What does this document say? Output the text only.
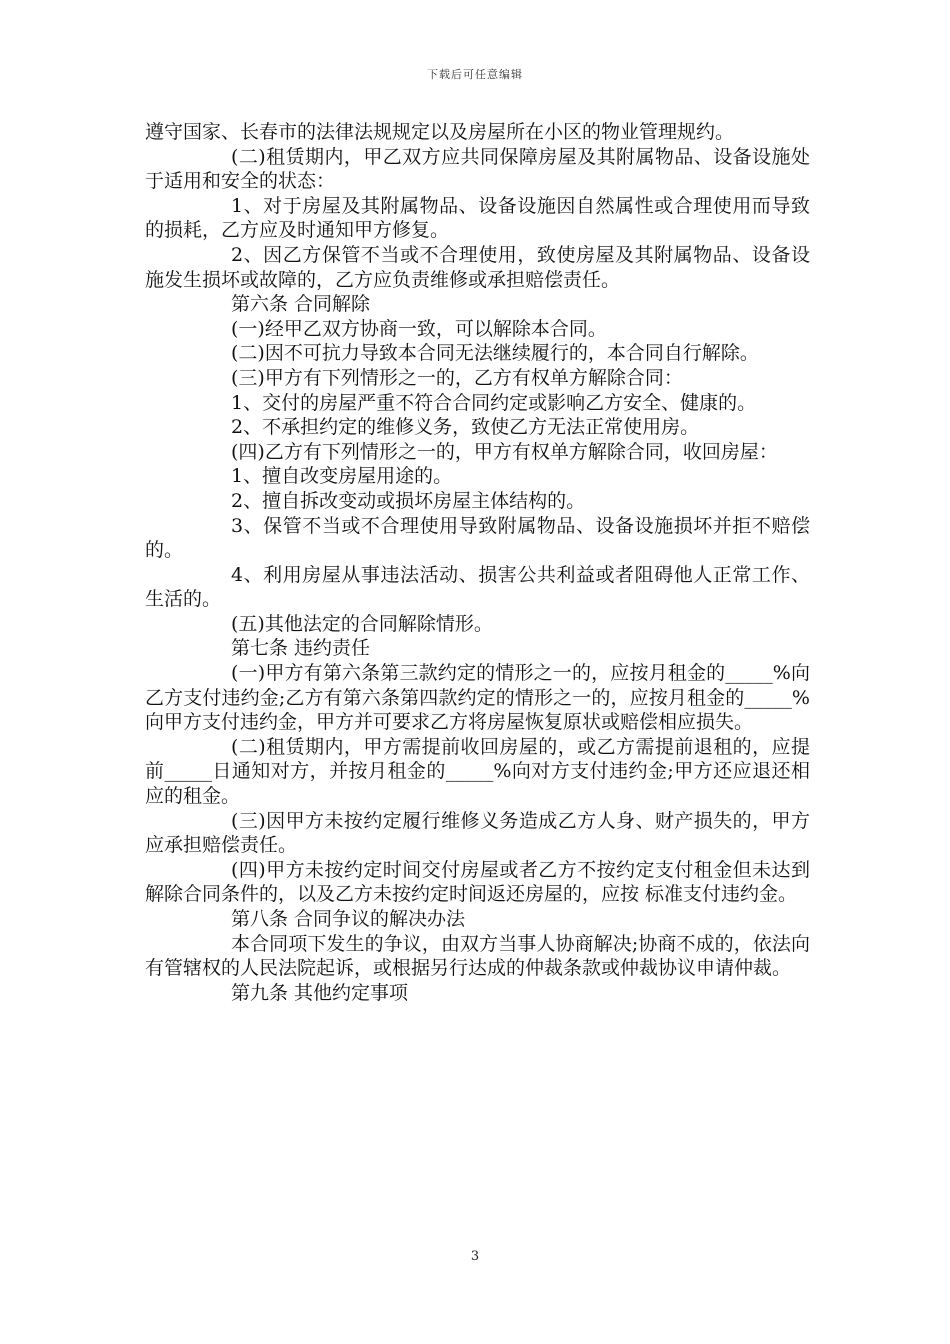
下载后可任意编辑

遵守国家、长春市的法律法规规定以及房屋所在小区的物业管理规约。

(二)租赁期内，甲乙双方应共同保障房屋及其附属物品、设备设施处于适用和安全的状态：

1、对于房屋及其附属物品、设备设施因自然属性或合理使用而导致的损耗，乙方应及时通知甲方修复。

2、因乙方保管不当或不合理使用，致使房屋及其附属物品、设备设施发生损坏或故障的，乙方应负责维修或承担赔偿责任。

第六条 合同解除

(一)经甲乙双方协商一致，可以解除本合同。

(二)因不可抗力导致本合同无法继续履行的，本合同自行解除。

(三)甲方有下列情形之一的，乙方有权单方解除合同：

1、交付的房屋严重不符合合同约定或影响乙方安全、健康的。

2、不承担约定的维修义务，致使乙方无法正常使用房。

(四)乙方有下列情形之一的，甲方有权单方解除合同，收回房屋：

1、擅自改变房屋用途的。

2、擅自拆改变动或损坏房屋主体结构的。

3、保管不当或不合理使用导致附属物品、设备设施损坏并拒不赔偿的。

4、利用房屋从事违法活动、损害公共利益或者阻碍他人正常工作、生活的。

(五)其他法定的合同解除情形。

第七条 违约责任

(一)甲方有第六条第三款约定的情形之一的，应按月租金的_____%向乙方支付违约金;乙方有第六条第四款约定的情形之一的，应按月租金的_____%向甲方支付违约金，甲方并可要求乙方将房屋恢复原状或赔偿相应损失。

(二)租赁期内，甲方需提前收回房屋的，或乙方需提前退租的，应提前_____日通知对方，并按月租金的_____%向对方支付违约金;甲方还应退还相应的租金。

(三)因甲方未按约定履行维修义务造成乙方人身、财产损失的，甲方应承担赔偿责任。

(四)甲方未按约定时间交付房屋或者乙方不按约定支付租金但未达到解除合同条件的，以及乙方未按约定时间返还房屋的，应按 标准支付违约金。

第八条 合同争议的解决办法

本合同项下发生的争议，由双方当事人协商解决;协商不成的，依法向有管辖权的人民法院起诉，或根据另行达成的仲裁条款或仲裁协议申请仲裁。

第九条 其他约定事项

3
